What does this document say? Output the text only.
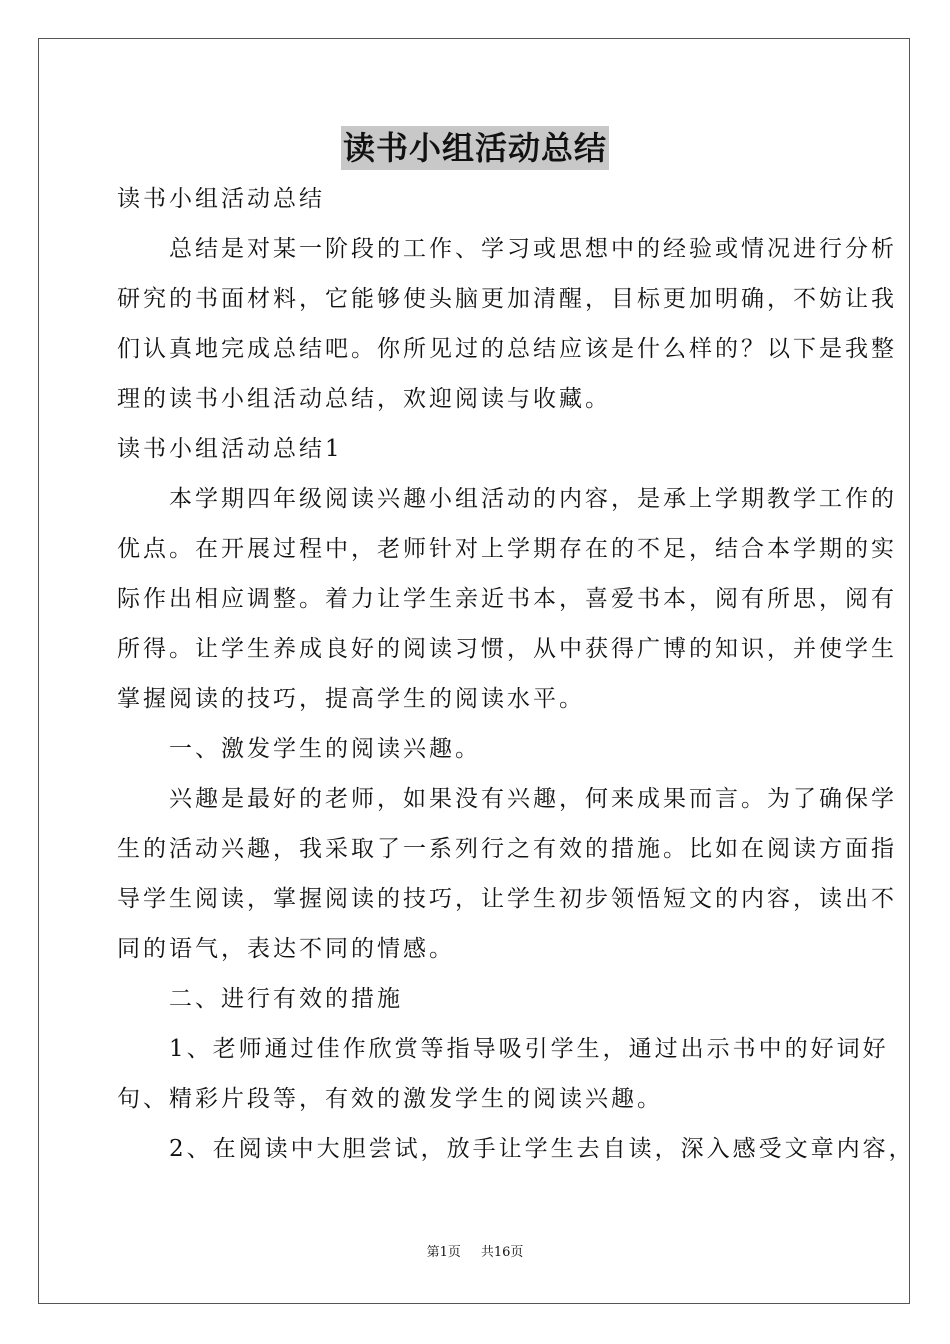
读书小组活动总结
读书小组活动总结
　　总结是对某一阶段的工作、学习或思想中的经验或情况进行分析
研究的书面材料，它能够使头脑更加清醒，目标更加明确，不妨让我
们认真地完成总结吧。你所见过的总结应该是什么样的？以下是我整
理的读书小组活动总结，欢迎阅读与收藏。
读书小组活动总结1
　　本学期四年级阅读兴趣小组活动的内容，是承上学期教学工作的
优点。在开展过程中，老师针对上学期存在的不足，结合本学期的实
际作出相应调整。着力让学生亲近书本，喜爱书本，阅有所思，阅有
所得。让学生养成良好的阅读习惯，从中获得广博的知识，并使学生
掌握阅读的技巧，提高学生的阅读水平。
　　一、激发学生的阅读兴趣。
　　兴趣是最好的老师，如果没有兴趣，何来成果而言。为了确保学
生的活动兴趣，我采取了一系列行之有效的措施。比如在阅读方面指
导学生阅读，掌握阅读的技巧，让学生初步领悟短文的内容，读出不
同的语气，表达不同的情感。
　　二、进行有效的措施
　　1、老师通过佳作欣赏等指导吸引学生，通过出示书中的好词好
句、精彩片段等，有效的激发学生的阅读兴趣。
　　2、在阅读中大胆尝试，放手让学生去自读，深入感受文章内容，
第1页 共16页
